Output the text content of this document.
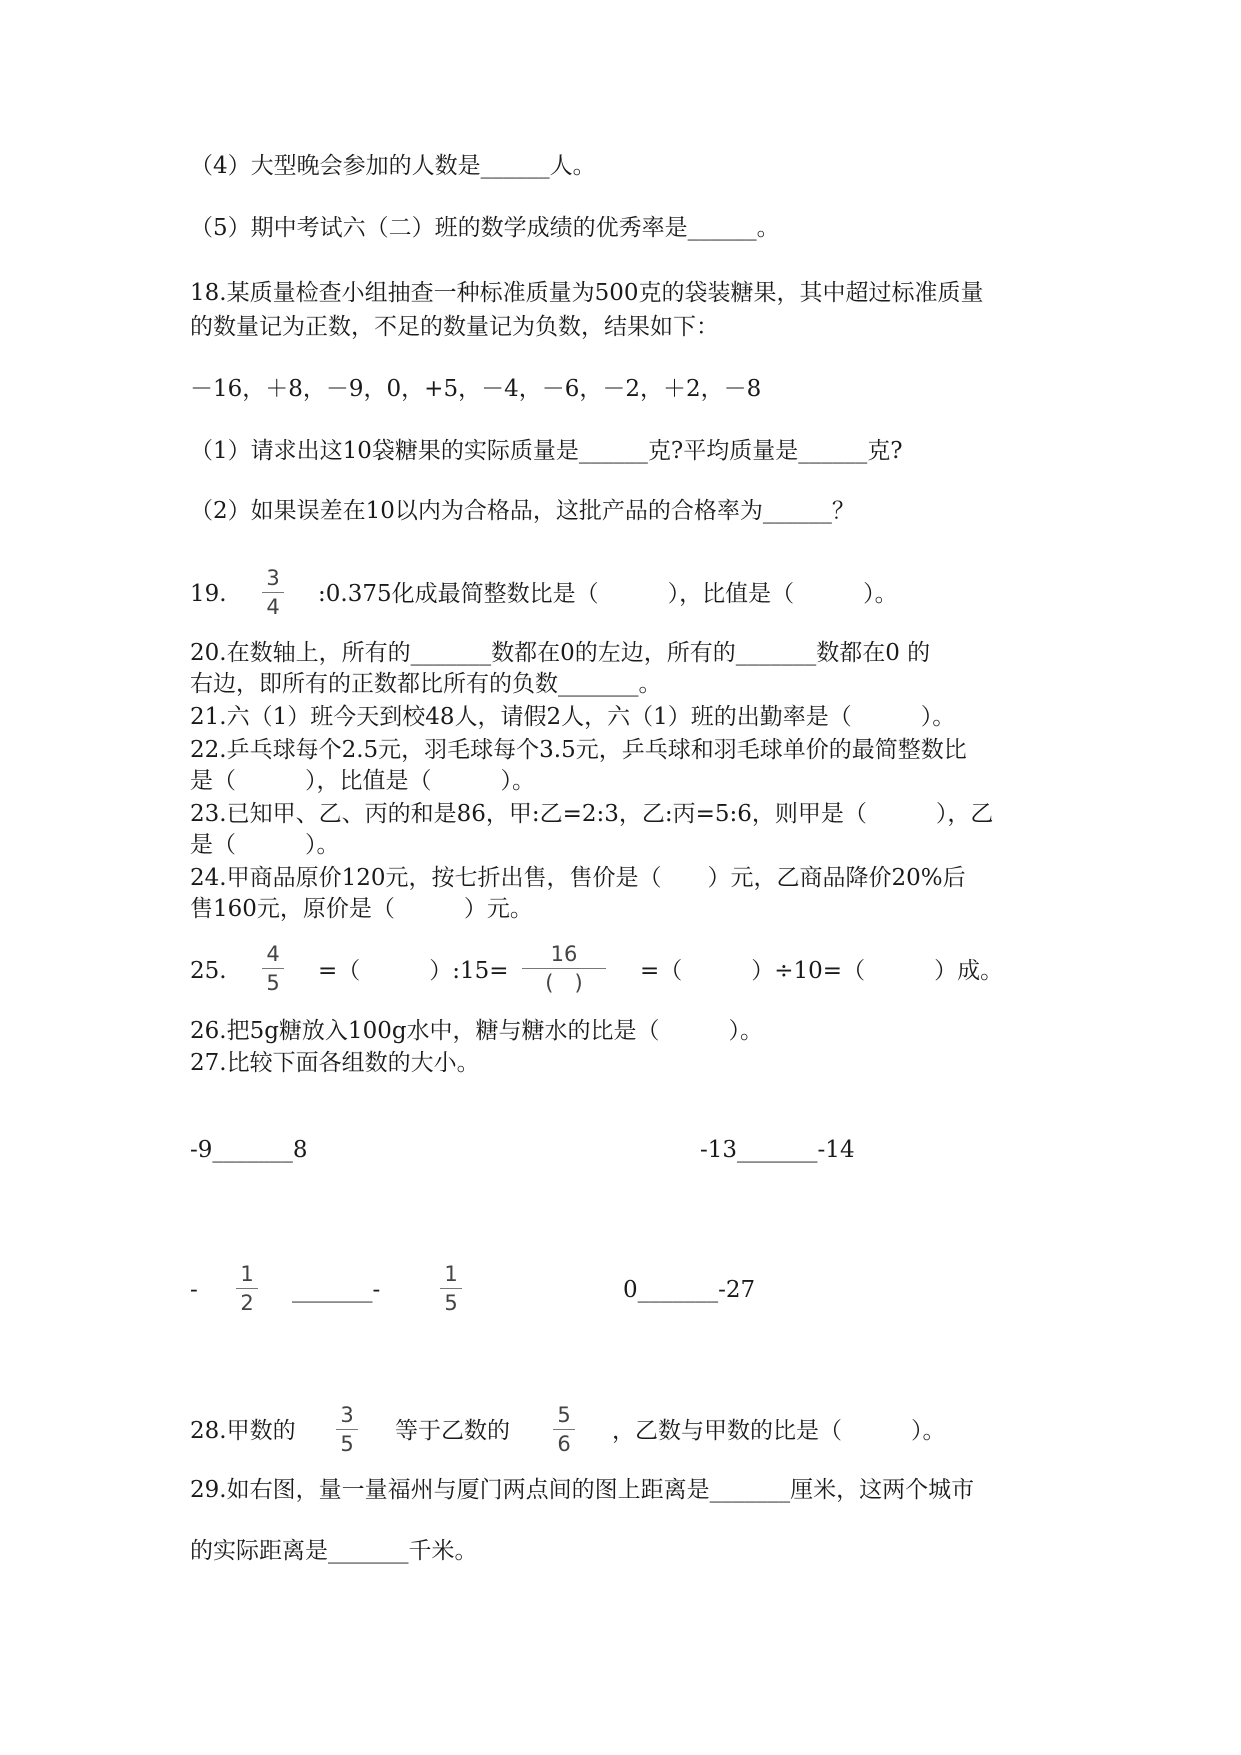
（4）大型晚会参加的人数是______人。
（5）期中考试六（二）班的数学成绩的优秀率是______。
18.某质量检查小组抽查一种标准质量为500克的袋装糖果，其中超过标准质量
的数量记为正数，不足的数量记为负数，结果如下：
－16，＋8，－9，0，+5，－4，－6，－2，＋2，－8
（1）请求出这10袋糖果的实际质量是______克?平均质量是______克?
（2）如果误差在10以内为合格品，这批产品的合格率为______？
19.
3
4 :0.375化成最简整数比是（　　　），比值是（　　　）。
20.在数轴上，所有的_______数都在0的左边，所有的_______数都在0 的
右边，即所有的正数都比所有的负数_______。
21.六（1）班今天到校48人，请假2人，六（1）班的出勤率是（　　　）。
22.乒乓球每个2.5元，羽毛球每个3.5元，乒乓球和羽毛球单价的最简整数比
是（　　　），比值是（　　　）。
23.已知甲、乙、丙的和是86，甲:乙=2:3，乙:丙=5:6，则甲是（　　　），乙
是（　　　）。
24.甲商品原价120元，按七折出售，售价是（　　）元，乙商品降价20%后
售160元，原价是（　　　）元。
25.
4
5 =（　　　）:15=
16
(　) =（　　　）÷10=（　　　）成。
26.把5g糖放入100g水中，糖与糖水的比是（　　　）。
27.比较下面各组数的大小。
-9_______8	-13_______-14
-
1
2 _______-
1
5	0_______-27
28.甲数的
3
5 等于乙数的
5
6 ，乙数与甲数的比是（　　　）。
29.如右图，量一量福州与厦门两点间的图上距离是_______厘米，这两个城市
的实际距离是_______千米。
